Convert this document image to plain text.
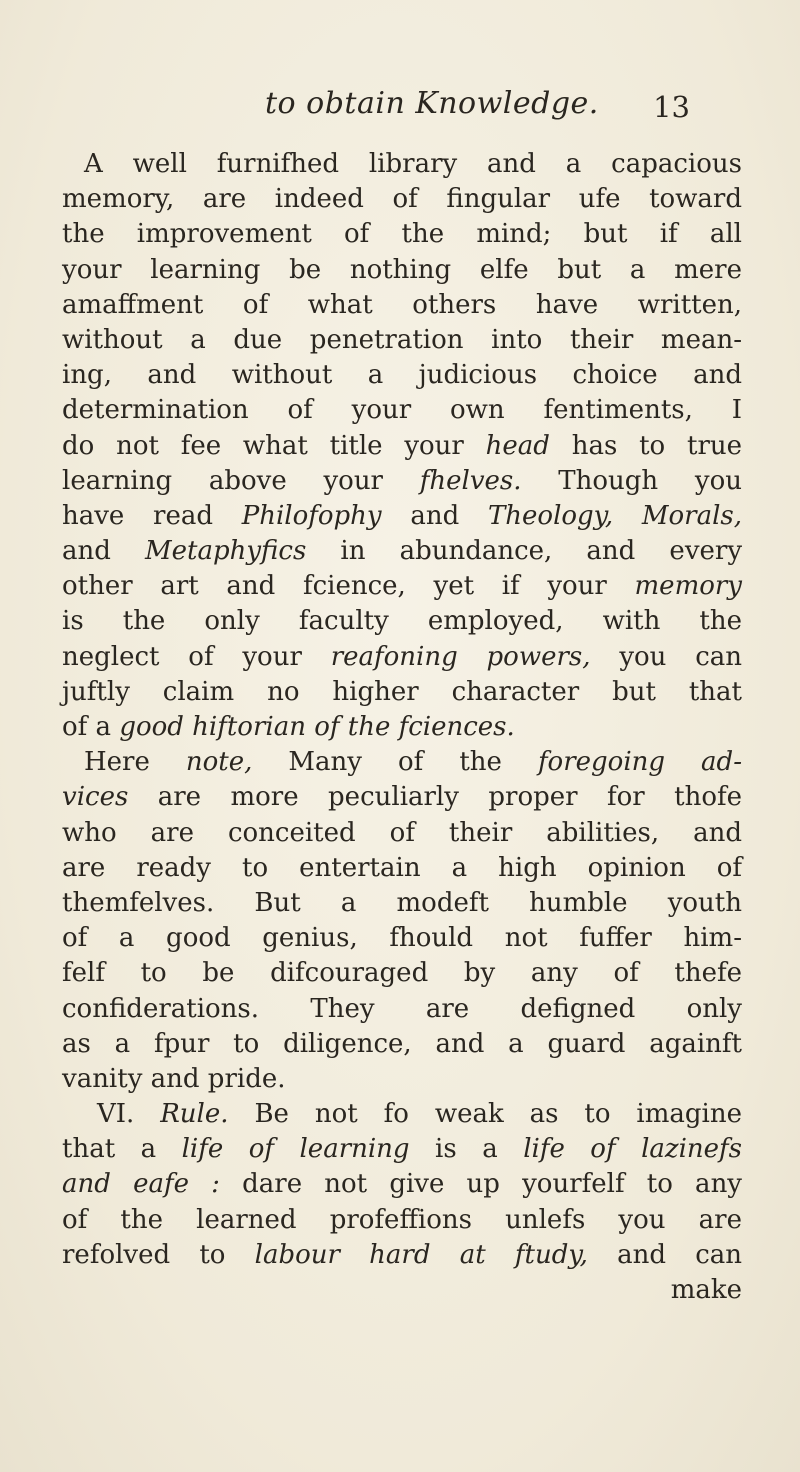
to obtain Knowledge. 13
A well furnifhed library and a capacious
memory, are indeed of fingular ufe toward
the improvement of the mind; but if all
your learning be nothing elfe but a mere
amaffment of what others have written,
without a due penetration into their mean-
ing, and without a judicious choice and
determination of your own fentiments, I
do not fee what title your head has to true
learning above your fhelves. Though you
have read Philofophy and Theology, Morals,
and Metaphyfics in abundance, and every
other art and fcience, yet if your memory
is the only faculty employed, with the
neglect of your reafoning powers, you can
juftly claim no higher character but that
of a good hiftorian of the fciences.
Here note, Many of the foregoing ad-
vices are more peculiarly proper for thofe
who are conceited of their abilities, and
are ready to entertain a high opinion of
themfelves. But a modeft humble youth
of a good genius, fhould not fuffer him-
felf to be difcouraged by any of thefe
confiderations. They are defigned only
as a fpur to diligence, and a guard againft
vanity and pride.
VI. Rule. Be not fo weak as to imagine
that a life of learning is a life of lazinefs
and eafe : dare not give up yourfelf to any
of the learned profeffions unlefs you are
refolved to labour hard at ftudy, and can
make
